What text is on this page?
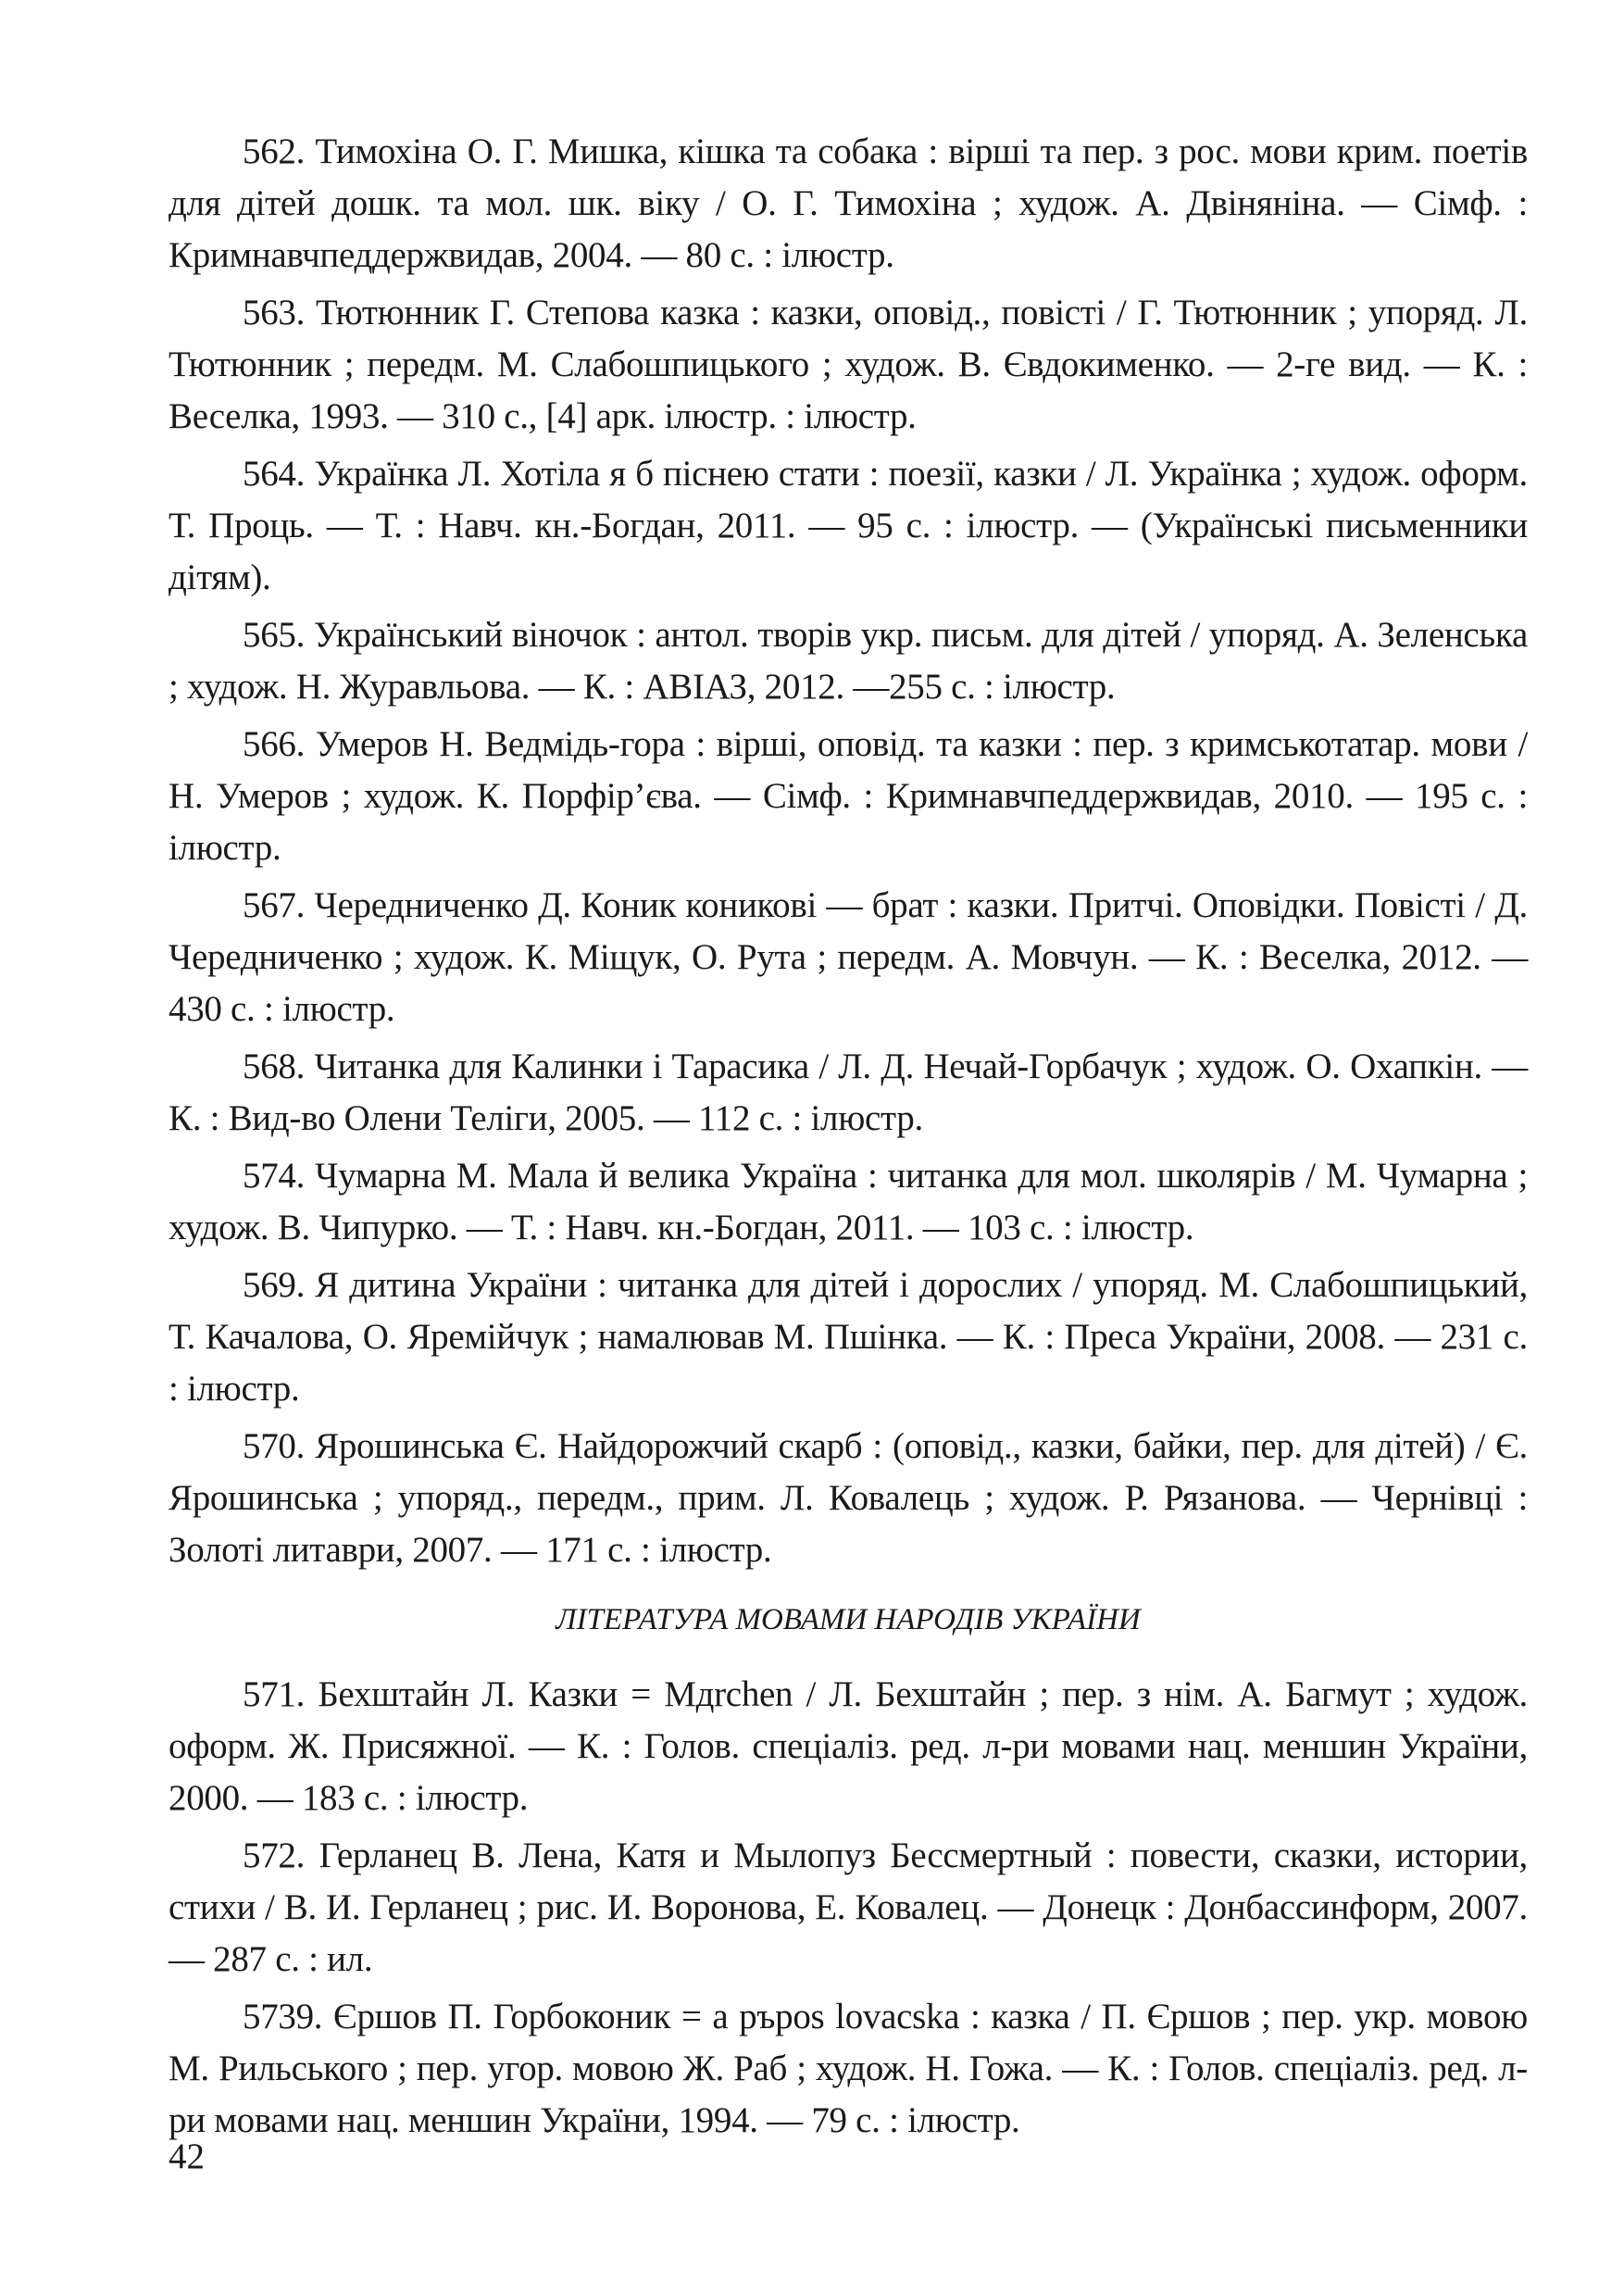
562. Тимохіна О. Г. Мишка, кішка та собака : вірші та пер. з рос. мови крим. поетів для дітей дошк. та мол. шк. віку / О. Г. Тимохіна ; худож. А. Двіняніна. — Сімф. : Кримнавчпеддержвидав, 2004. — 80 с. : ілюстр.

563. Тютюнник Г. Степова казка : казки, оповід., повісті / Г. Тютюнник ; упоряд. Л. Тютюнник ; передм. М. Слабошпицького ; худож. В. Євдокименко. — 2-ге вид. — К. : Веселка, 1993. — 310 с., [4] арк. ілюстр. : ілюстр.

564. Українка Л. Хотіла я б піснею стати : поезії, казки / Л. Українка ; худож. оформ. Т. Проць. — Т. : Навч. кн.-Богдан, 2011. — 95 с. : ілюстр. — (Українські письменники дітям).

565. Український віночок : антол. творів укр. письм. для дітей / упоряд. А. Зеленська ; худож. Н. Журавльова. — К. : АВІАЗ, 2012. —255 с. : ілюстр.

566. Умеров Н. Ведмідь-гора : вірші, оповід. та казки : пер. з кримськотатар. мови / Н. Умеров ; худож. К. Порфір’єва. — Сімф. : Кримнавчпеддержвидав, 2010. — 195 с. : ілюстр.

567. Чередниченко Д. Коник кониковi — брат : казки. Притчі. Оповідки. Повісті / Д. Чередниченко ; худож. К. Міщук, О. Рута ; передм. А. Мовчун. — К. : Веселка, 2012. — 430 с. : ілюстр.

568. Читанка для Калинки і Тарасика / Л. Д. Нечай-Горбачук ; худож. О. Охапкін. — К. : Вид-во Олени Теліги, 2005. — 112 с. : ілюстр.

574. Чумарна М. Мала й велика Україна : читанка для мол. школярів / М. Чумарна ; худож. В. Чипурко. — Т. : Навч. кн.-Богдан, 2011. — 103 с. : ілюстр.

569. Я дитина України : читанка для дітей і дорослих / упоряд. М. Слабошпицький, Т. Качалова, О. Яремійчук ; намалював М. Пшінка. — К. : Преса України, 2008. — 231 с. : ілюстр.

570. Ярошинська Є. Найдорожчий скарб : (оповід., казки, байки, пер. для дітей) / Є. Ярошинська ; упоряд., передм., прим. Л. Ковалець ; худож. Р. Рязанова. — Чернівці : Золоті литаври, 2007. — 171 с. : ілюстр.

ЛІТЕРАТУРА МОВАМИ НАРОДІВ УКРАЇНИ

571. Бехштайн Л. Казки = Mдrchen / Л. Бехштайн ; пер. з нім. А. Багмут ; худож. оформ. Ж. Присяжної. — К. : Голов. спеціаліз. ред. л-ри мовами нац. меншин України, 2000. — 183 с. : ілюстр.

572. Герланец В. Лена, Катя и Мылопуз Бессмертный : повести, сказки, истории, стихи / В. И. Герланец ; рис. И. Воронова, Е. Ковалец. — Донецк : Донбассинформ, 2007. — 287 с. : ил.

5739. Єршов П. Горбоконик = a рърos lovacska : казка / П. Єршов ; пер. укр. мовою М. Рильського ; пер. угор. мовою Ж. Раб ; худож. Н. Гожа. — К. : Голов. спеціаліз. ред. л-ри мовами нац. меншин України, 1994. — 79 с. : ілюстр.

42
